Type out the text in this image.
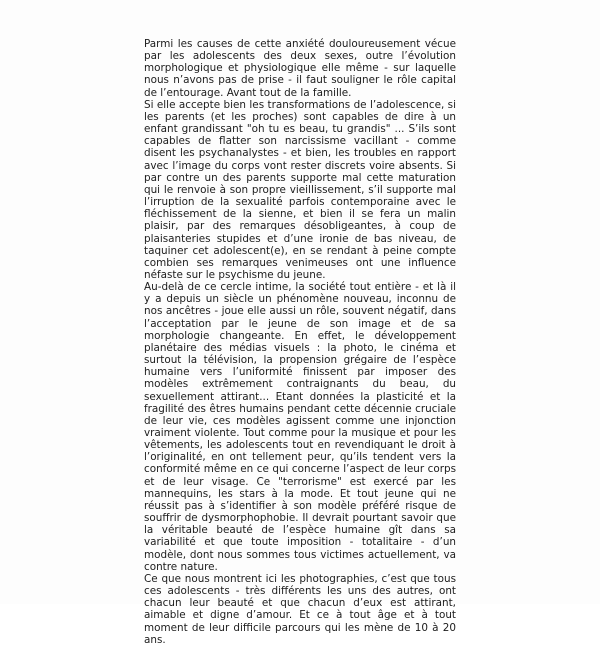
Parmi les causes de cette anxiété douloureusement vécue par les adolescents des deux sexes, outre l’évolution morphologique et physiologique elle même - sur laquelle nous n’avons pas de prise - il faut souligner le rôle capital de l’entourage. Avant tout de la famille.

Si elle accepte bien les transformations de l’adolescence, si les parents (et les proches) sont capables de dire à un enfant grandissant "oh tu es beau, tu grandis" ... S’ils sont capables de flatter son narcissisme vacillant - comme disent les psychanalystes - et bien, les troubles en rapport avec l’image du corps vont rester discrets voire absents. Si par contre un des parents supporte mal cette maturation qui le renvoie à son propre vieillissement, s’il supporte mal l’irruption de la sexualité parfois contemporaine avec le fléchissement de la sienne, et bien il se fera un malin plaisir, par des remarques désobligeantes, à coup de plaisanteries stupides et d’une ironie de bas niveau, de taquiner cet adolescent(e), en se rendant à peine compte combien ses remarques venimeuses ont une influence néfaste sur le psychisme du jeune.

Au-delà de ce cercle intime, la société tout entière - et là il y a depuis un siècle un phénomène nouveau, inconnu de nos ancêtres - joue elle aussi un rôle, souvent négatif, dans l’acceptation par le jeune de son image et de sa morphologie changeante. En effet, le développement planétaire des médias visuels : la photo, le cinéma et surtout la télévision, la propension grégaire de l’espèce humaine vers l’uniformité finissent par imposer des modèles extrêmement contraignants du beau, du sexuellement attirant... Etant données la plasticité et la fragilité des êtres humains pendant cette décennie cruciale de leur vie, ces modèles agissent comme une injonction vraiment violente. Tout comme pour la musique et pour les vêtements, les adolescents tout en revendiquant le droit à l’originalité, en ont tellement peur, qu’ils tendent vers la conformité même en ce qui concerne l’aspect de leur corps et de leur visage. Ce "terrorisme" est exercé par les mannequins, les stars à la mode. Et tout jeune qui ne réussit pas à s’identifier à son modèle préféré risque de souffrir de dysmorphophobie. Il devrait pourtant savoir que la véritable beauté de l’espèce humaine gît dans sa variabilité et que toute imposition - totalitaire - d’un modèle, dont nous sommes tous victimes actuellement, va contre nature.

Ce que nous montrent ici les photographies, c’est que tous ces adolescents - très différents les uns des autres, ont chacun leur beauté et que chacun d’eux est attirant, aimable et digne d’amour. Et ce à tout âge et à tout moment de leur difficile parcours qui les mène de 10 à 20 ans.
